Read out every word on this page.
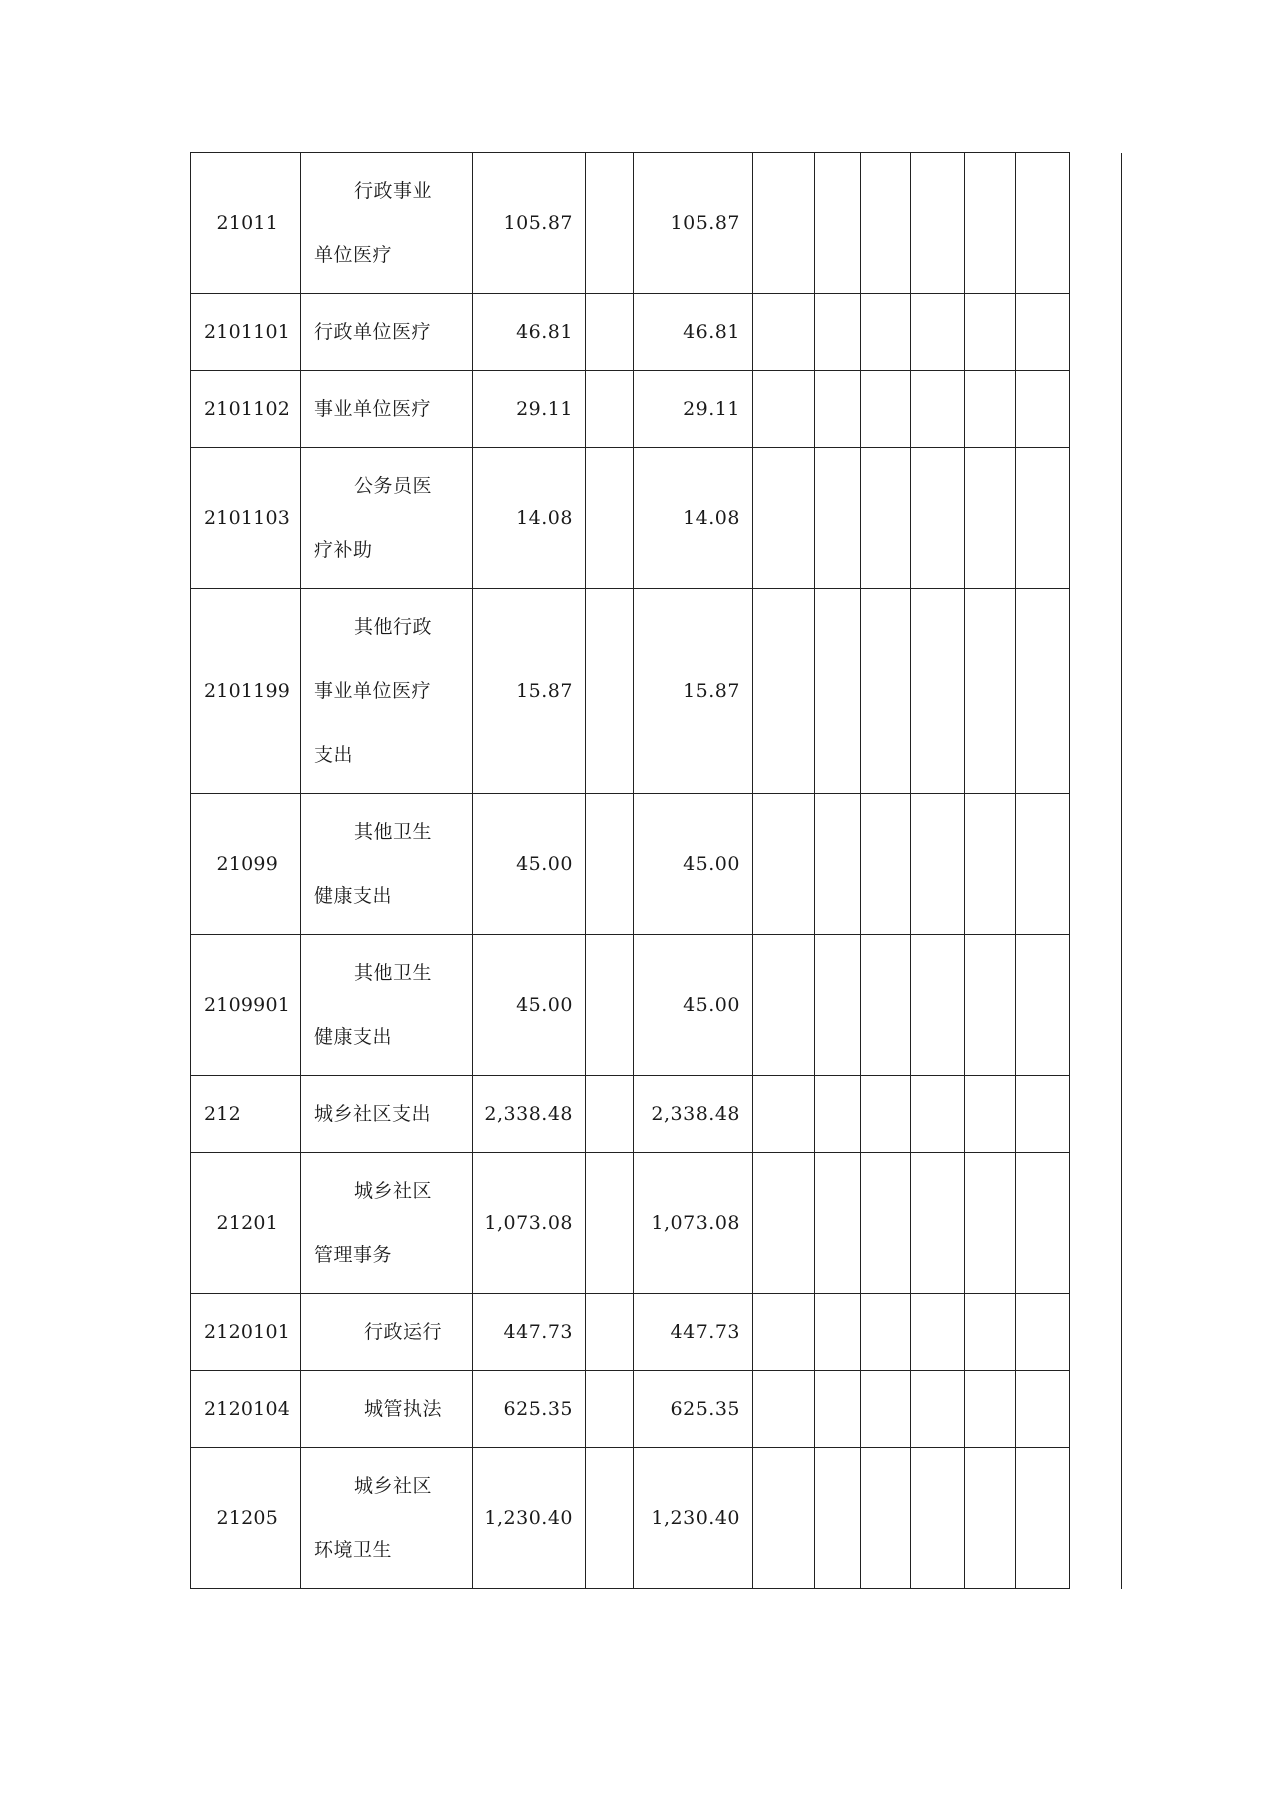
21011	行政事业单位医疗	105.87		105.87							
2101101	行政单位医疗	46.81		46.81							
2101102	事业单位医疗	29.11		29.11							
2101103	公务员医疗补助	14.08		14.08							
2101199	其他行政事业单位医疗支出	15.87		15.87							
21099	其他卫生健康支出	45.00		45.00							
2109901	其他卫生健康支出	45.00		45.00							
212	城乡社区支出	2,338.48		2,338.48							
21201	城乡社区管理事务	1,073.08		1,073.08							
2120101	行政运行	447.73		447.73							
2120104	城管执法	625.35		625.35							
21205	城乡社区环境卫生	1,230.40		1,230.40							
